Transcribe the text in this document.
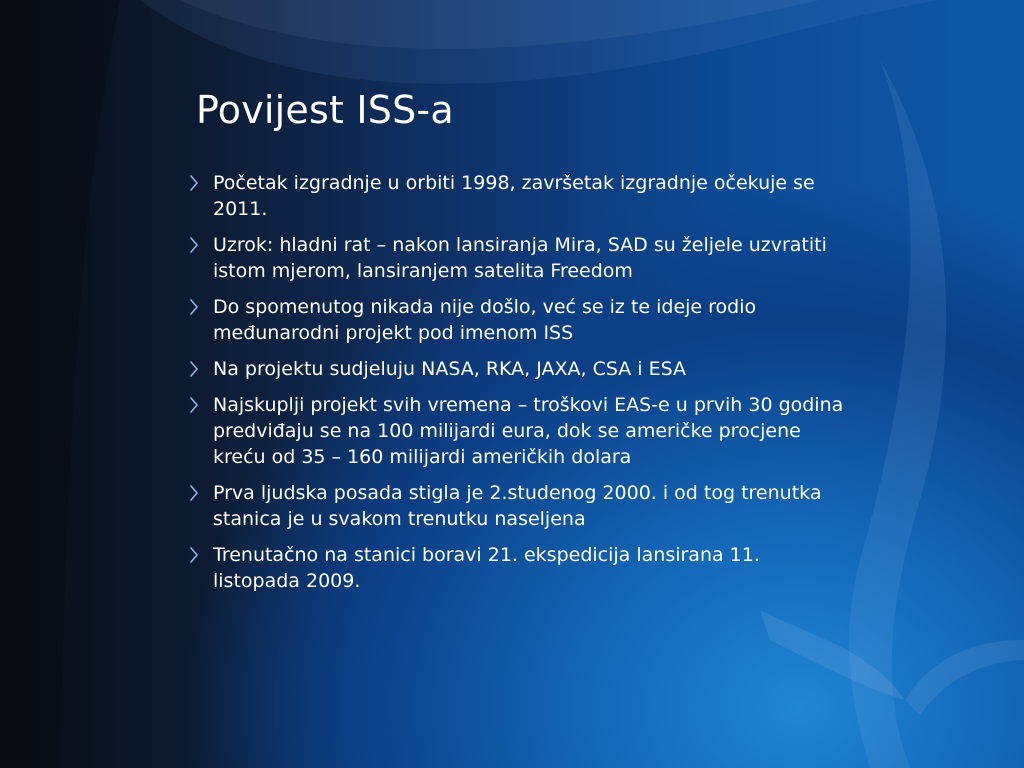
Povijest ISS-a
Početak izgradnje u orbiti 1998, završetak izgradnje očekuje se 2011.
Uzrok: hladni rat – nakon lansiranja Mira, SAD su željele uzvratiti istom mjerom, lansiranjem satelita Freedom
Do spomenutog nikada nije došlo, već se iz te ideje rodio međunarodni projekt pod imenom ISS
Na projektu sudjeluju NASA, RKA, JAXA, CSA i ESA
Najskuplji projekt svih vremena – troškovi EAS-e u prvih 30 godina predviđaju se na 100 milijardi eura, dok se američke procjene kreću od 35 – 160 milijardi američkih dolara
Prva ljudska posada stigla je 2.studenog 2000. i od tog trenutka stanica je u svakom trenutku naseljena
Trenutačno na stanici boravi 21. ekspedicija lansirana 11. listopada 2009.
